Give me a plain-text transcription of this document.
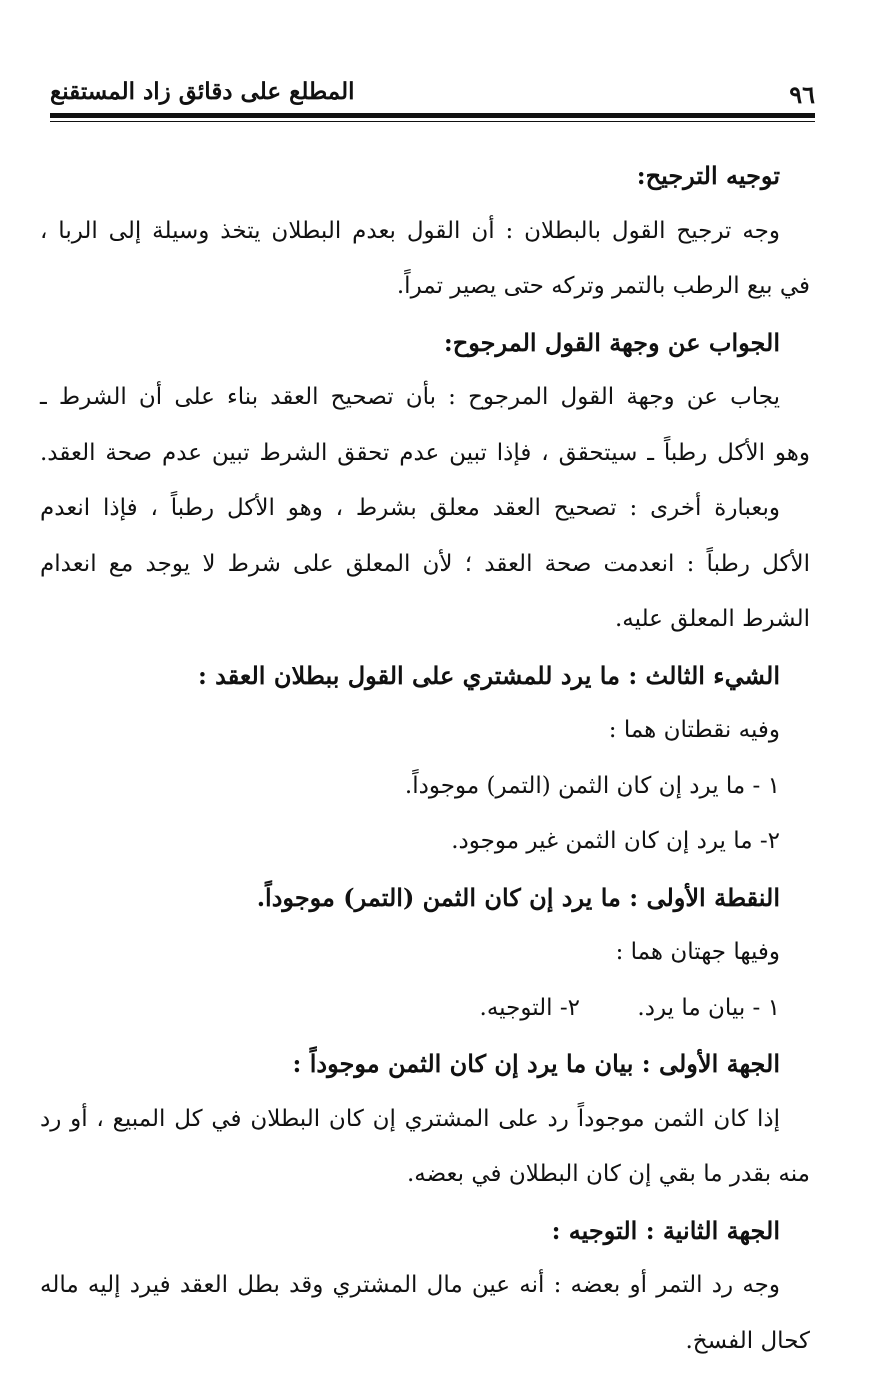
٩٦
المطلع على دقائق زاد المستقنع

توجيه الترجيح:

وجه ترجيح القول بالبطلان : أن القول بعدم البطلان يتخذ وسيلة إلى الربا ،

في بيع الرطب بالتمر وتركه حتى يصير تمراً.

الجواب عن وجهة القول المرجوح:

يجاب عن وجهة القول المرجوح : بأن تصحيح العقد بناء على أن الشرط ـ

وهو الأكل رطباً ـ سيتحقق ، فإذا تبين عدم تحقق الشرط تبين عدم صحة العقد.

وبعبارة أخرى : تصحيح العقد معلق بشرط ، وهو الأكل رطباً ، فإذا انعدم

الأكل رطباً : انعدمت صحة العقد ؛ لأن المعلق على شرط لا يوجد مع انعدام

الشرط المعلق عليه.

الشيء الثالث : ما يرد للمشتري على القول ببطلان العقد :

وفيه نقطتان هما :

١ - ما يرد إن كان الثمن (التمر) موجوداً.

٢- ما يرد إن كان الثمن غير موجود.

النقطة الأولى : ما يرد إن كان الثمن (التمر) موجوداً.

وفيها جهتان هما :

١ - بيان ما يرد.
٢- التوجيه.

الجهة الأولى : بيان ما يرد إن كان الثمن موجوداً :

إذا كان الثمن موجوداً رد على المشتري إن كان البطلان في كل المبيع ، أو رد

منه بقدر ما بقي إن كان البطلان في بعضه.

الجهة الثانية : التوجيه :

وجه رد التمر أو بعضه : أنه عين مال المشتري وقد بطل العقد فيرد إليه ماله

كحال الفسخ.
